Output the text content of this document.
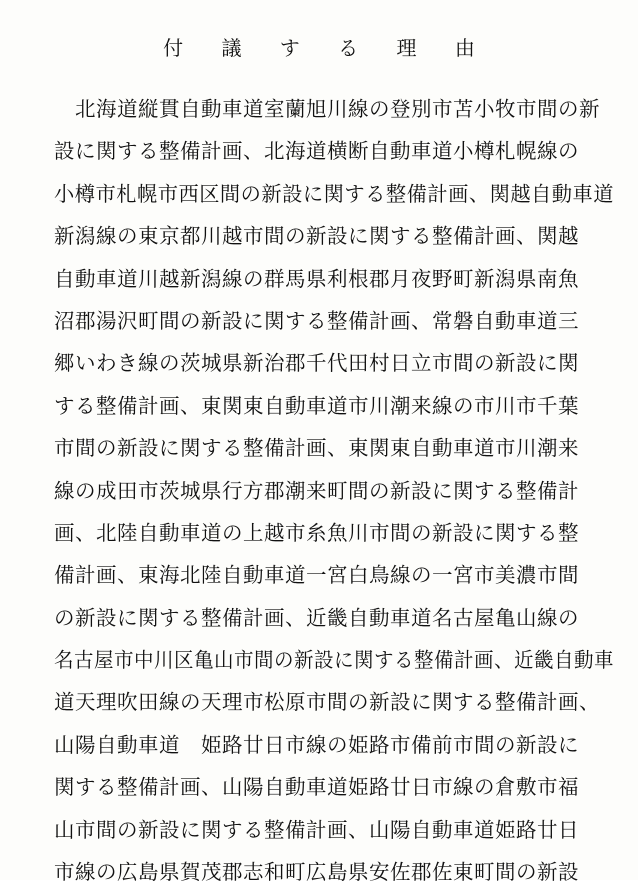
付 議 す る 理 由
　北海道縦貫自動車道室蘭旭川線の登別市苫小牧市間の新
設に関する整備計画、北海道横断自動車道小樽札幌線の
小樽市札幌市西区間の新設に関する整備計画、関越自動車道
新潟線の東京都川越市間の新設に関する整備計画、関越
自動車道川越新潟線の群馬県利根郡月夜野町新潟県南魚
沼郡湯沢町間の新設に関する整備計画、常磐自動車道三
郷いわき線の茨城県新治郡千代田村日立市間の新設に関
する整備計画、東関東自動車道市川潮来線の市川市千葉
市間の新設に関する整備計画、東関東自動車道市川潮来
線の成田市茨城県行方郡潮来町間の新設に関する整備計
画、北陸自動車道の上越市糸魚川市間の新設に関する整
備計画、東海北陸自動車道一宮白鳥線の一宮市美濃市間
の新設に関する整備計画、近畿自動車道名古屋亀山線の
名古屋市中川区亀山市間の新設に関する整備計画、近畿自動車
道天理吹田線の天理市松原市間の新設に関する整備計画、
山陽自動車道　姫路廿日市線の姫路市備前市間の新設に
関する整備計画、山陽自動車道姫路廿日市線の倉敷市福
山市間の新設に関する整備計画、山陽自動車道姫路廿日
市線の広島県賀茂郡志和町広島県安佐郡佐東町間の新設
